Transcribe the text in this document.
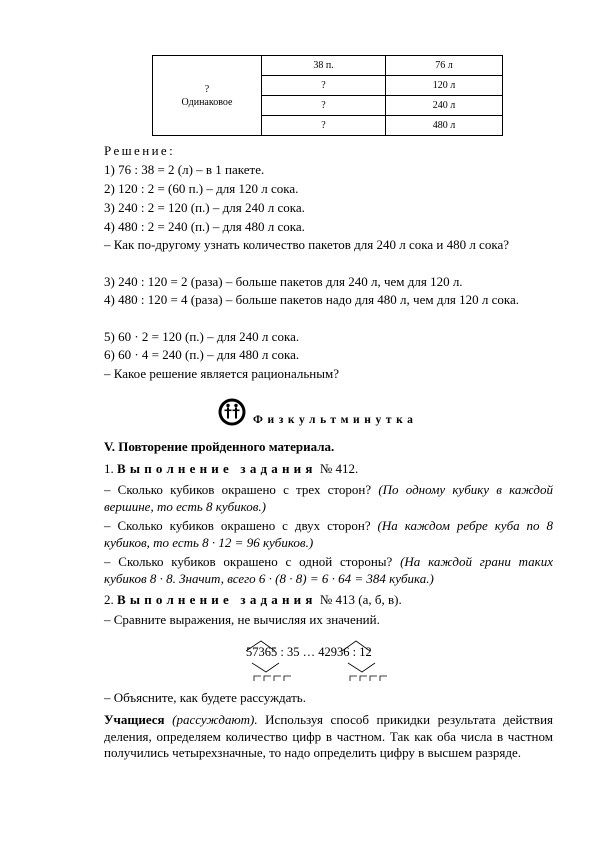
?
Одинаковое	38 п.	76 л
	?	120 л
	?	240 л
	?	480 л
Решение:
1) 76 : 38 = 2 (л) – в 1 пакете.
2) 120 : 2 = (60 п.) – для 120 л сока.
3) 240 : 2 = 120 (п.) – для 240 л сока.
4) 480 : 2 = 240 (п.) – для 480 л сока.
– Как по-другому узнать количество пакетов для 240 л сока и 480 л сока?
3) 240 : 120 = 2 (раза) – больше пакетов для 240 л, чем для 120 л.
4) 480 : 120 = 4 (раза) – больше пакетов надо для 480 л, чем для 120 л сока.
5) 60 · 2 = 120 (п.) – для 240 л сока.
6) 60 · 4 = 240 (п.) – для 480 л сока.
– Какое решение является рациональным?
Физкультминутка
V. Повторение пройденного материала.
1. Выполнение задания № 412.
– Сколько кубиков окрашено с трех сторон? (По одному кубику в каждой вершине, то есть 8 кубиков.)
– Сколько кубиков окрашено с двух сторон? (На каждом ребре куба по 8 кубиков, то есть 8 · 12 = 96 кубиков.)
– Сколько кубиков окрашено с одной стороны? (На каждой грани таких кубиков 8 · 8. Значит, всего 6 · (8 · 8) = 6 · 64 = 384 кубика.)
2. Выполнение задания № 413 (а, б, в).
– Сравните выражения, не вычисляя их значений.
57365 : 35 … 42936 : 12
– Объясните, как будете рассуждать.
Учащиеся (рассуждают). Используя способ прикидки результата действия деления, определяем количество цифр в частном. Так как оба числа в частном получились четырехзначные, то надо определить цифру в высшем разряде.
